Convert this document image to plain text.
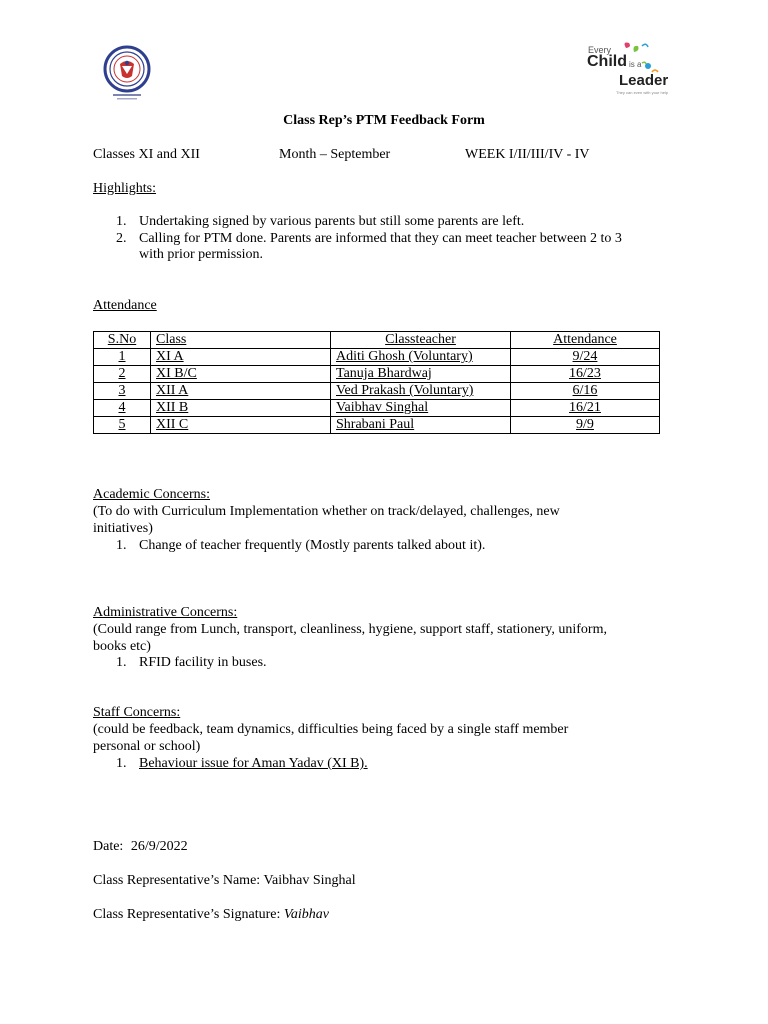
Every
Child is a
Leader
They can even with your help
Class Rep’s PTM Feedback Form
Classes XI and XII	Month – September	WEEK I/II/III/IV - IV
Highlights:
1. Undertaking signed by various parents but still some parents are left.
2. Calling for PTM done. Parents are informed that they can meet teacher between 2 to 3
with prior permission.
Attendance
S.No	Class	Classteacher	Attendance
1	XI A	Aditi Ghosh (Voluntary)	9/24
2	XI B/C	Tanuja Bhardwaj	16/23
3	XII A	Ved Prakash (Voluntary)	6/16
4	XII B	Vaibhav Singhal	16/21
5	XII C	Shrabani Paul	9/9
Academic Concerns:
(To do with Curriculum Implementation whether on track/delayed, challenges, new
initiatives)
1. Change of teacher frequently (Mostly parents talked about it).
Administrative Concerns:
(Could range from Lunch, transport, cleanliness, hygiene, support staff, stationery, uniform,
books etc)
1. RFID facility in buses.
Staff Concerns:
(could be feedback, team dynamics, difficulties being faced by a single staff member
personal or school)
1. Behaviour issue for Aman Yadav (XI B).
Date: 26/9/2022
Class Representative’s Name: Vaibhav Singhal
Class Representative’s Signature: Vaibhav
